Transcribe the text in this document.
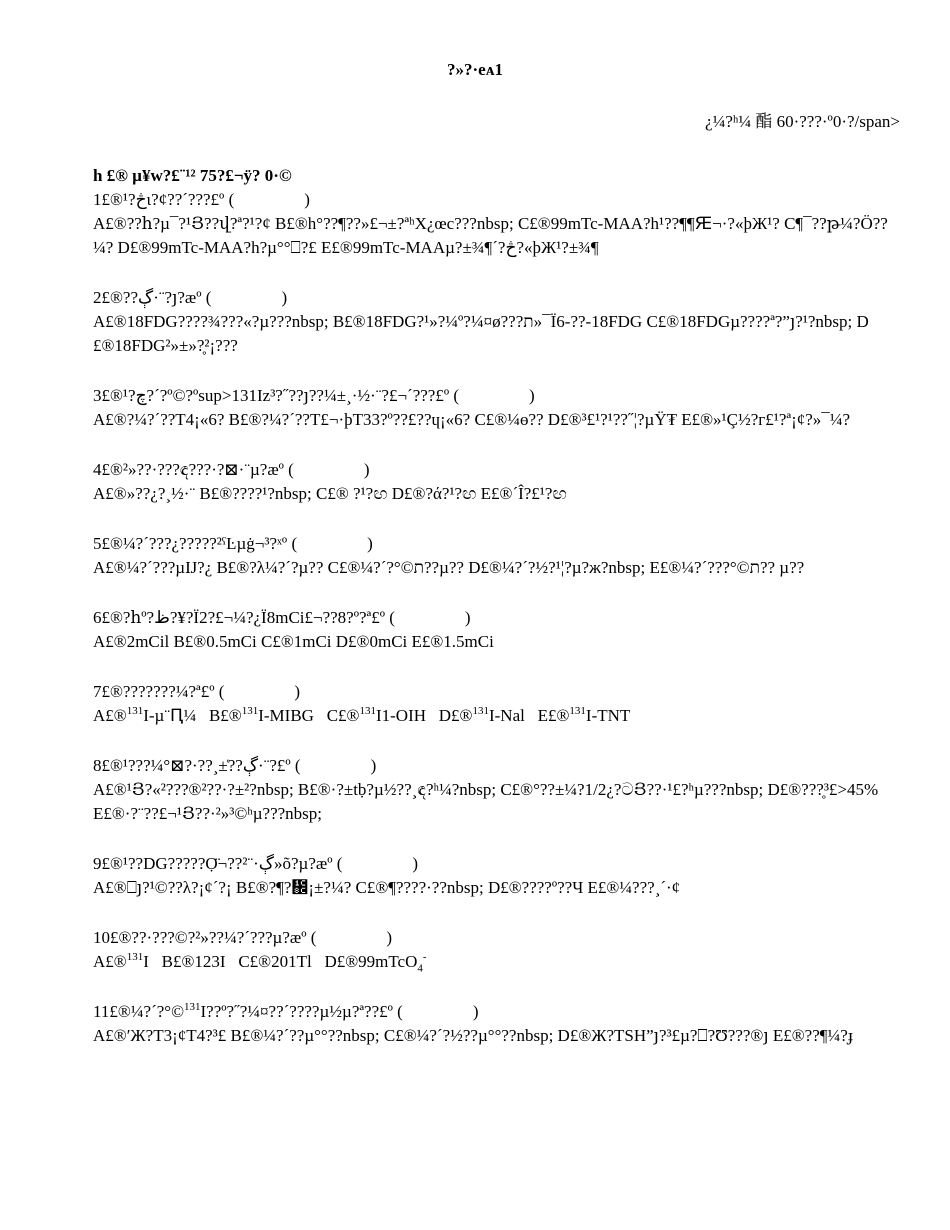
?»?·eᴀ1
¿¼?ʰ¼ 酯 60·???·º0·?/span>
h £® µ¥w?£¨¹² 75?£¬ÿ? 0·©
1£®¹?څι?¢??´???£º (	)
A£®??հ?µ¯?¹Յ??վ?ª?¹?¢ B£®h°??¶??»£¬±?ªʰΧ¿œc???nbsp; C£®99mTc-MAA?h¹??¶¶Ԙ¬·?«þЖ¹? C¶¯??թ¼?Ö??¼? D£®99mTc-MAA?h?µ°°⎕?£ E£®99mTc-MAAµ?±¾¶´?څ?«þЖ¹?±¾¶
2£®??ڳ·¨?յ?æº (	)
A£®18FDG????¾???«?µ???nbsp; B£®18FDG?¹»?¼º?¼¤ø???ת»¯Ï6-??-18FDG C£®18FDGµ????ª?”յ?¹?nbsp; D£®18FDG²»±»?̥²¡???
3£®¹?چ?´?º©?ºsup>131Iz³?˝??յ??¼±¸·½·¨?£¬´???£º (	)
A£®?¼?´??T4¡«6? B£®?¼?´??T£¬·þT33?º??£??ɥ¡«6? C£®¼ɵ?? D£®³£¹?¹??˝¦?µŸ₮ E£®»¹Ç½?г£¹?ª¡¢?»¯¼?
4£®²»??·???ඳ???·?⊠·¨µ?æº (	)
A£®»??¿?¸½·¨ B£®????¹?nbsp; C£® ?¹?ඟ D£®?ά?¹?ඟ E£®´Î?£¹?ඟ
5£®¼?´???¿?????²ˤĿµġ¬³?ˣº (	)
A£®¼?´???µĲ?¿ B£®?λ¼?´?µ?? C£®¼?´?°©ת??µ?? D£®¼?´?½?¹¦?µ?ж?nbsp; E£®¼?´???°©ת?? µ??
6£®?հº?ظ?¥?Ï2?£¬¼?¿Ï8mCi£¬??8?º?ª£º (	)
A£®2mCil B£®0.5mCi C£®1mCi D£®0mCi E£®1.5mCi
7£®???????¼?ª£º (	)
A£®$^{131}$I-µ¨Ԥ¼ B£®$^{131}$I-MIBG C£®$^{131}$I1-OIH D£®$^{131}$I-Nal E£®$^{131}$I-TNT
8£®¹???¼°⊠?·??¸±͑??ڳ·¨?£º (	)
A£®¹Յ?«²???®²??·?±²?nbsp; B£®·?±tḅ?µ½??¸ඳ?ʰ¼?nbsp; C£®°??±¼?1/2¿?ටՅ??·¹£?ʰµ???nbsp; D£®???̥³£>45% E£®·?¨??£¬¹Յ??·²»³©ʰµ???nbsp;
9£®¹??DG?????Ọ̈¬??ڳ·¨²»õ?µ?æº (	)
A£®⎕յ?¹©??λ?¡¢´?¡ B£®?¶?᲌¡±?¼? C£®¶????·??nbsp; D£®????º??Ч E£®¼???¸´·¢
10£®??·???©?²»??¼?´???µ?æº (	)
A£®$^{131}$I B£®123I C£®201Tl D£®99mTcO$_4$-
11£®¼?´?°©$^{131}$I??º?˝?¼¤??´????µ½µ?ª??£º (	)
A£®ʹЖ?T3¡¢T4?³£ B£®¼?´??µ°°??nbsp; C£®¼?´?½??µ°°??nbsp; D£®Ж?TSH”յ?³£µ?⎕?Ʊ???®յ E£®??¶¼?ɟ
